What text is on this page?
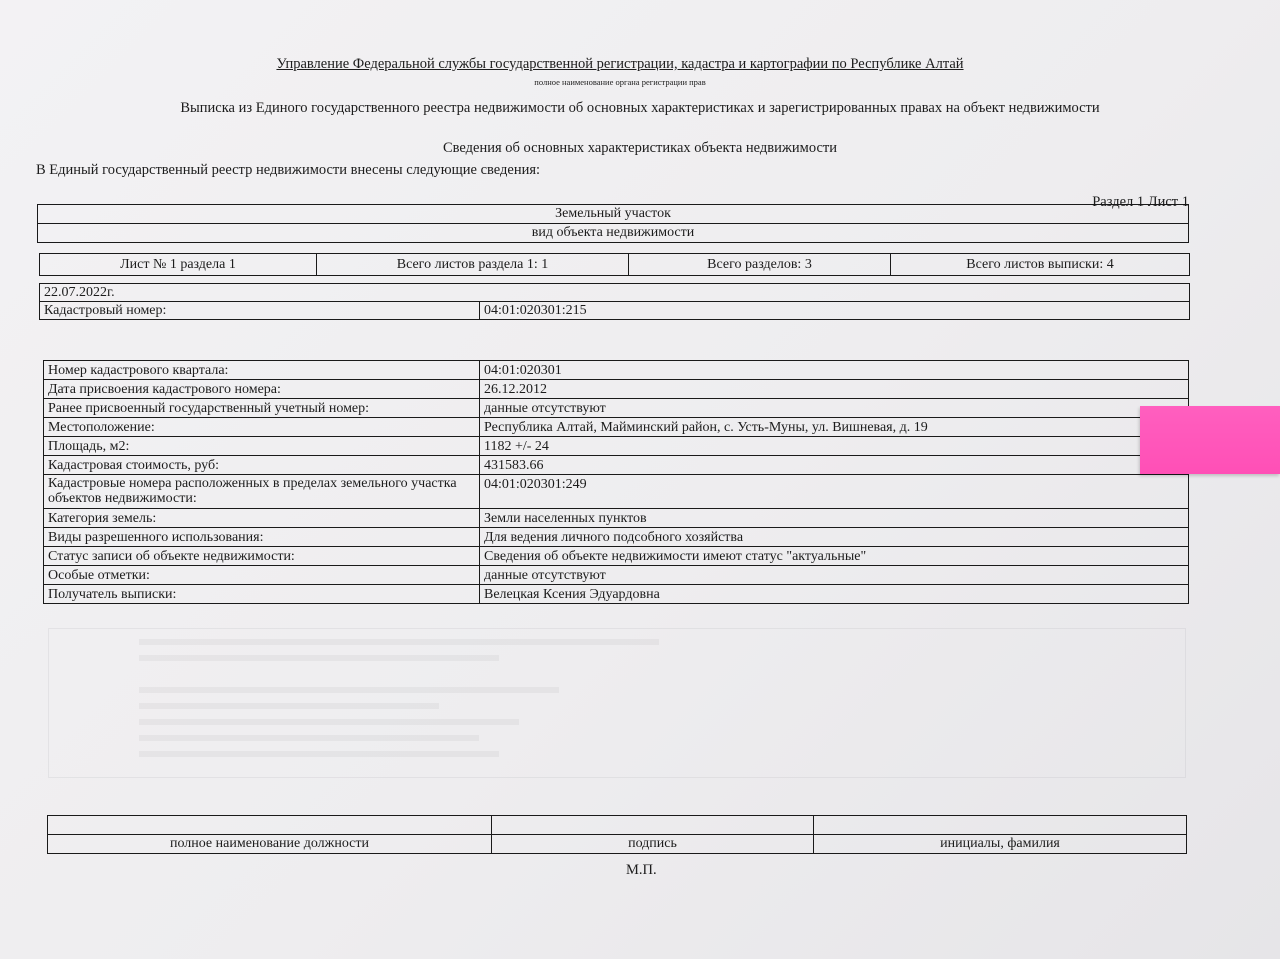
Управление Федеральной службы государственной регистрации, кадастра и картографии по Республике Алтай
полное наименование органа регистрации прав
Выписка из Единого государственного реестра недвижимости об основных характеристиках и зарегистрированных правах на объект недвижимости
Сведения об основных характеристиках объекта недвижимости
В Единый государственный реестр недвижимости внесены следующие сведения:
Раздел 1 Лист 1
Земельный участок
вид объекта недвижимости
Лист № 1 раздела 1	Всего листов раздела 1: 1	Всего разделов: 3	Всего листов выписки: 4
22.07.2022г.
Кадастровый номер:	04:01:020301:215
Номер кадастрового квартала:	04:01:020301
Дата присвоения кадастрового номера:	26.12.2012
Ранее присвоенный государственный учетный номер:	данные отсутствуют
Местоположение:	Республика Алтай, Майминский район, с. Усть-Муны, ул. Вишневая, д. 19
Площадь, м2:	1182 +/- 24
Кадастровая стоимость, руб:	431583.66
Кадастровые номера расположенных в пределах земельного участка объектов недвижимости:	04:01:020301:249
Категория земель:	Земли населенных пунктов
Виды разрешенного использования:	Для ведения личного подсобного хозяйства
Статус записи об объекте недвижимости:	Сведения об объекте недвижимости имеют статус "актуальные"
Особые отметки:	данные отсутствуют
Получатель выписки:	Велецкая Ксения Эдуардовна

полное наименование должности	подпись	инициалы, фамилия
М.П.
